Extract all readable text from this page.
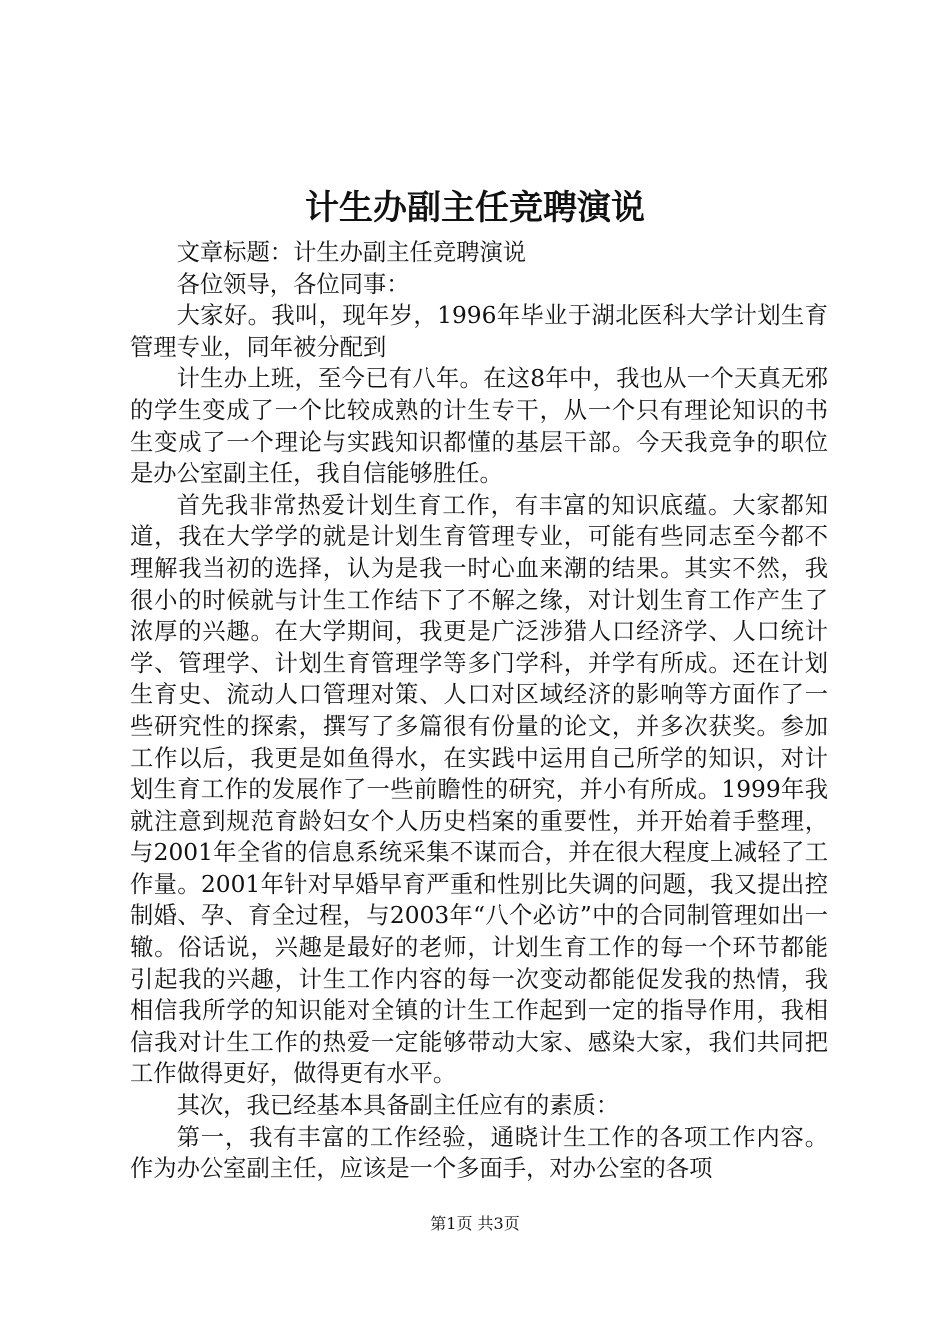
计生办副主任竞聘演说

文章标题：计生办副主任竞聘演说

各位领导，各位同事：

大家好。我叫，现年岁，1996年毕业于湖北医科大学计划生育管理专业，同年被分配到

计生办上班，至今已有八年。在这8年中，我也从一个天真无邪的学生变成了一个比较成熟的计生专干，从一个只有理论知识的书生变成了一个理论与实践知识都懂的基层干部。今天我竞争的职位是办公室副主任，我自信能够胜任。

首先我非常热爱计划生育工作，有丰富的知识底蕴。大家都知道，我在大学学的就是计划生育管理专业，可能有些同志至今都不理解我当初的选择，认为是我一时心血来潮的结果。其实不然，我很小的时候就与计生工作结下了不解之缘，对计划生育工作产生了浓厚的兴趣。在大学期间，我更是广泛涉猎人口经济学、人口统计学、管理学、计划生育管理学等多门学科，并学有所成。还在计划生育史、流动人口管理对策、人口对区域经济的影响等方面作了一些研究性的探索，撰写了多篇很有份量的论文，并多次获奖。参加工作以后，我更是如鱼得水，在实践中运用自己所学的知识，对计划生育工作的发展作了一些前瞻性的研究，并小有所成。1999年我就注意到规范育龄妇女个人历史档案的重要性，并开始着手整理，与2001年全省的信息系统采集不谋而合，并在很大程度上减轻了工作量。2001年针对早婚早育严重和性别比失调的问题，我又提出控制婚、孕、育全过程，与2003年“八个必访”中的合同制管理如出一辙。俗话说，兴趣是最好的老师，计划生育工作的每一个环节都能引起我的兴趣，计生工作内容的每一次变动都能促发我的热情，我相信我所学的知识能对全镇的计生工作起到一定的指导作用，我相信我对计生工作的热爱一定能够带动大家、感染大家，我们共同把工作做得更好，做得更有水平。

其次，我已经基本具备副主任应有的素质：

第一，我有丰富的工作经验，通晓计生工作的各项工作内容。作为办公室副主任，应该是一个多面手，对办公室的各项

第1页 共3页
